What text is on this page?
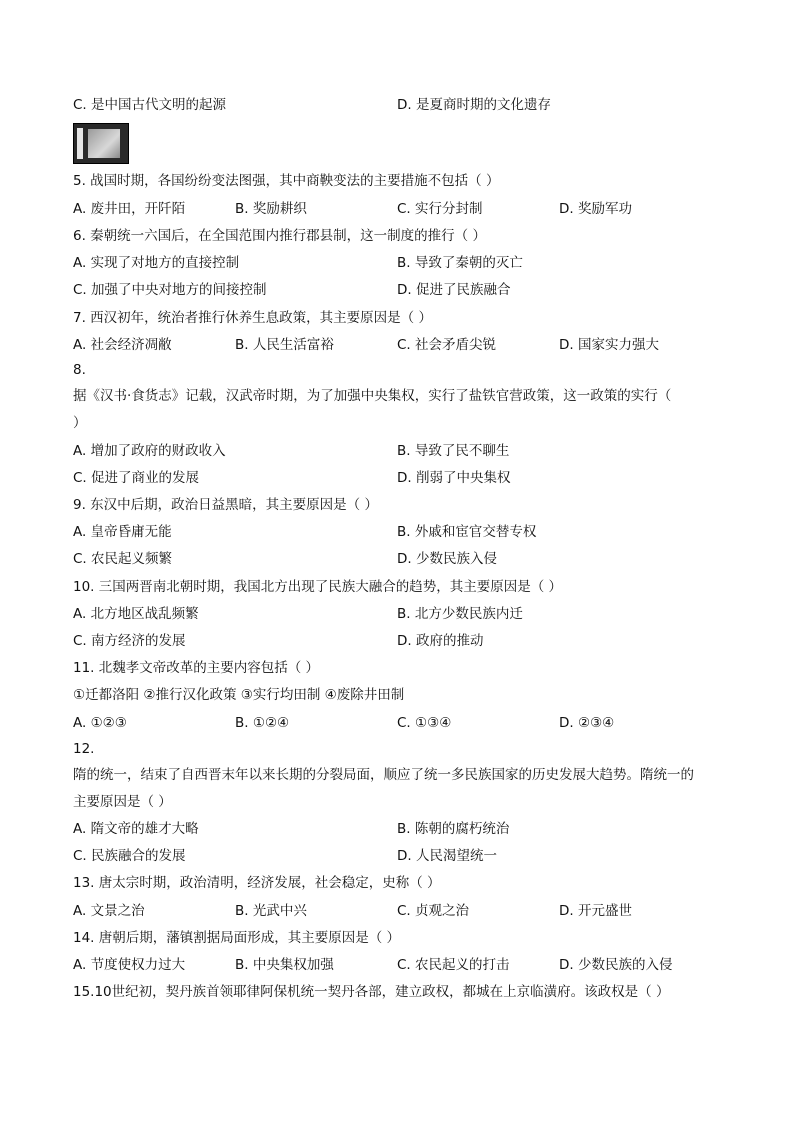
C. 是中国古代文明的起源	D. 是夏商时期的文化遗存
5. 战国时期，各国纷纷变法图强，其中商鞅变法的主要措施不包括（ ）
A. 废井田，开阡陌	B. 奖励耕织	C. 实行分封制	D. 奖励军功
6. 秦朝统一六国后，在全国范围内推行郡县制，这一制度的推行（ ）
A. 实现了对地方的直接控制	B. 导致了秦朝的灭亡
C. 加强了中央对地方的间接控制	D. 促进了民族融合
7. 西汉初年，统治者推行休养生息政策，其主要原因是（ ）
A. 社会经济凋敝	B. 人民生活富裕	C. 社会矛盾尖锐	D. 国家实力强大
8.
据《汉书·食货志》记载，汉武帝时期，为了加强中央集权，实行了盐铁官营政策，这一政策的实行（
）
A. 增加了政府的财政收入	B. 导致了民不聊生
C. 促进了商业的发展	D. 削弱了中央集权
9. 东汉中后期，政治日益黑暗，其主要原因是（ ）
A. 皇帝昏庸无能	B. 外戚和宦官交替专权
C. 农民起义频繁	D. 少数民族入侵
10. 三国两晋南北朝时期，我国北方出现了民族大融合的趋势，其主要原因是（ ）
A. 北方地区战乱频繁	B. 北方少数民族内迁
C. 南方经济的发展	D. 政府的推动
11. 北魏孝文帝改革的主要内容包括（ ）
①迁都洛阳 ②推行汉化政策 ③实行均田制 ④废除井田制
A. ①②③	B. ①②④	C. ①③④	D. ②③④
12.
隋的统一，结束了自西晋末年以来长期的分裂局面，顺应了统一多民族国家的历史发展大趋势。隋统一的
主要原因是（ ）
A. 隋文帝的雄才大略	B. 陈朝的腐朽统治
C. 民族融合的发展	D. 人民渴望统一
13. 唐太宗时期，政治清明，经济发展，社会稳定，史称（ ）
A. 文景之治	B. 光武中兴	C. 贞观之治	D. 开元盛世
14. 唐朝后期，藩镇割据局面形成，其主要原因是（ ）
A. 节度使权力过大	B. 中央集权加强	C. 农民起义的打击	D. 少数民族的入侵
15.10世纪初，契丹族首领耶律阿保机统一契丹各部，建立政权，都城在上京临潢府。该政权是（ ）
